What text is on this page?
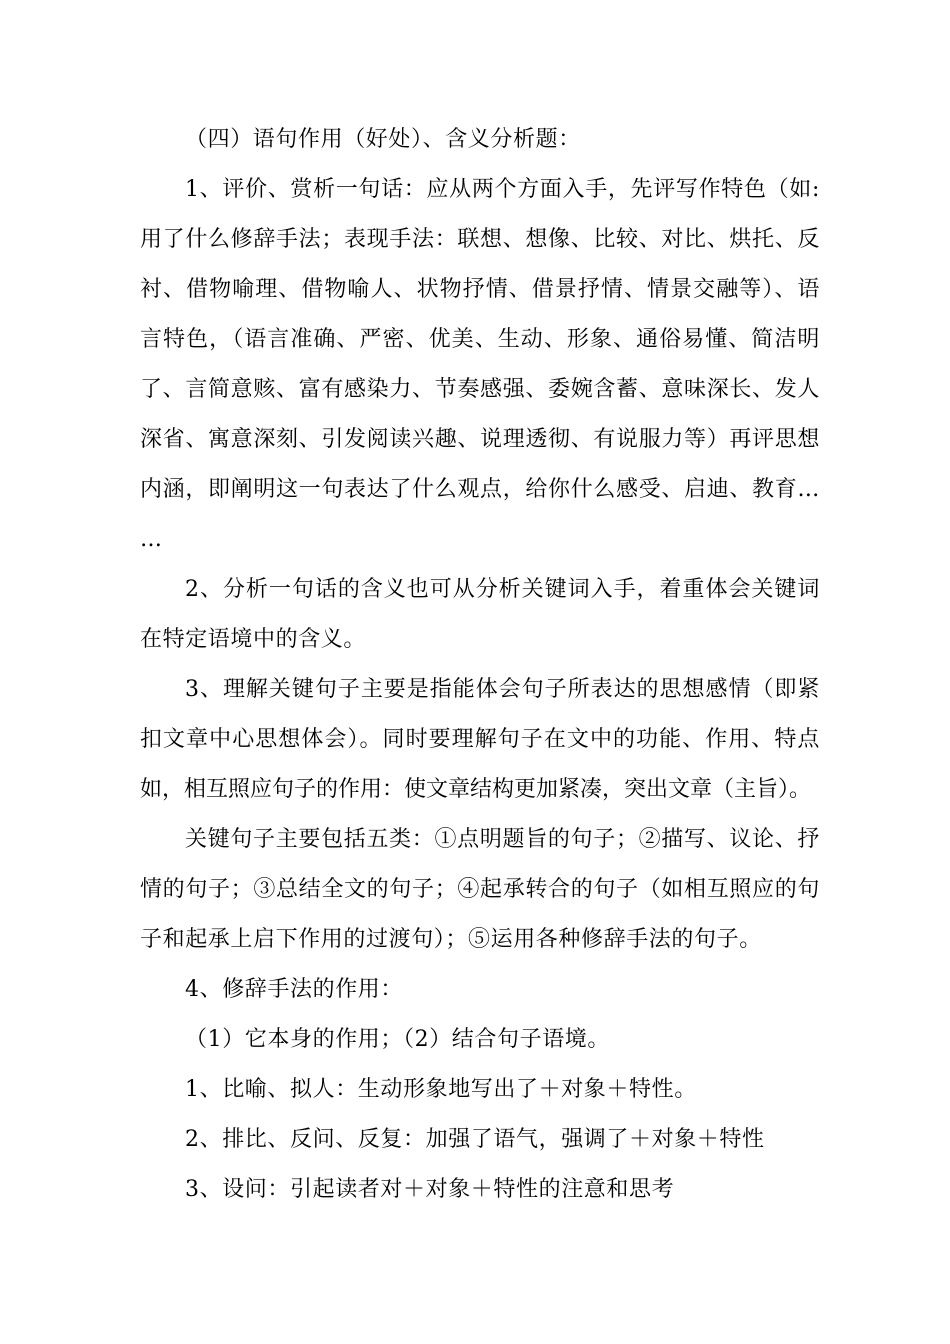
（四）语句作用（好处）、含义分析题：

1、评价、赏析一句话：应从两个方面入手，先评写作特色（如:

用了什么修辞手法；表现手法：联想、想像、比较、对比、烘托、反

衬、借物喻理、借物喻人、状物抒情、借景抒情、情景交融等）、语

言特色，（语言准确、严密、优美、生动、形象、通俗易懂、简洁明

了、言简意赅、富有感染力、节奏感强、委婉含蓄、意味深长、发人

深省、寓意深刻、引发阅读兴趣、说理透彻、有说服力等）再评思想

内涵，即阐明这一句表达了什么观点，给你什么感受、启迪、教育…

…

2、分析一句话的含义也可从分析关键词入手，着重体会关键词

在特定语境中的含义。

3、理解关键句子主要是指能体会句子所表达的思想感情（即紧

扣文章中心思想体会）。同时要理解句子在文中的功能、作用、特点

如，相互照应句子的作用：使文章结构更加紧凑，突出文章（主旨）。

关键句子主要包括五类：①点明题旨的句子；②描写、议论、抒

情的句子；③总结全文的句子；④起承转合的句子（如相互照应的句

子和起承上启下作用的过渡句）；⑤运用各种修辞手法的句子。

4、修辞手法的作用：

（1）它本身的作用；（2）结合句子语境。

1、比喻、拟人：生动形象地写出了＋对象＋特性。

2、排比、反问、反复：加强了语气，强调了＋对象＋特性

3、设问：引起读者对＋对象＋特性的注意和思考
